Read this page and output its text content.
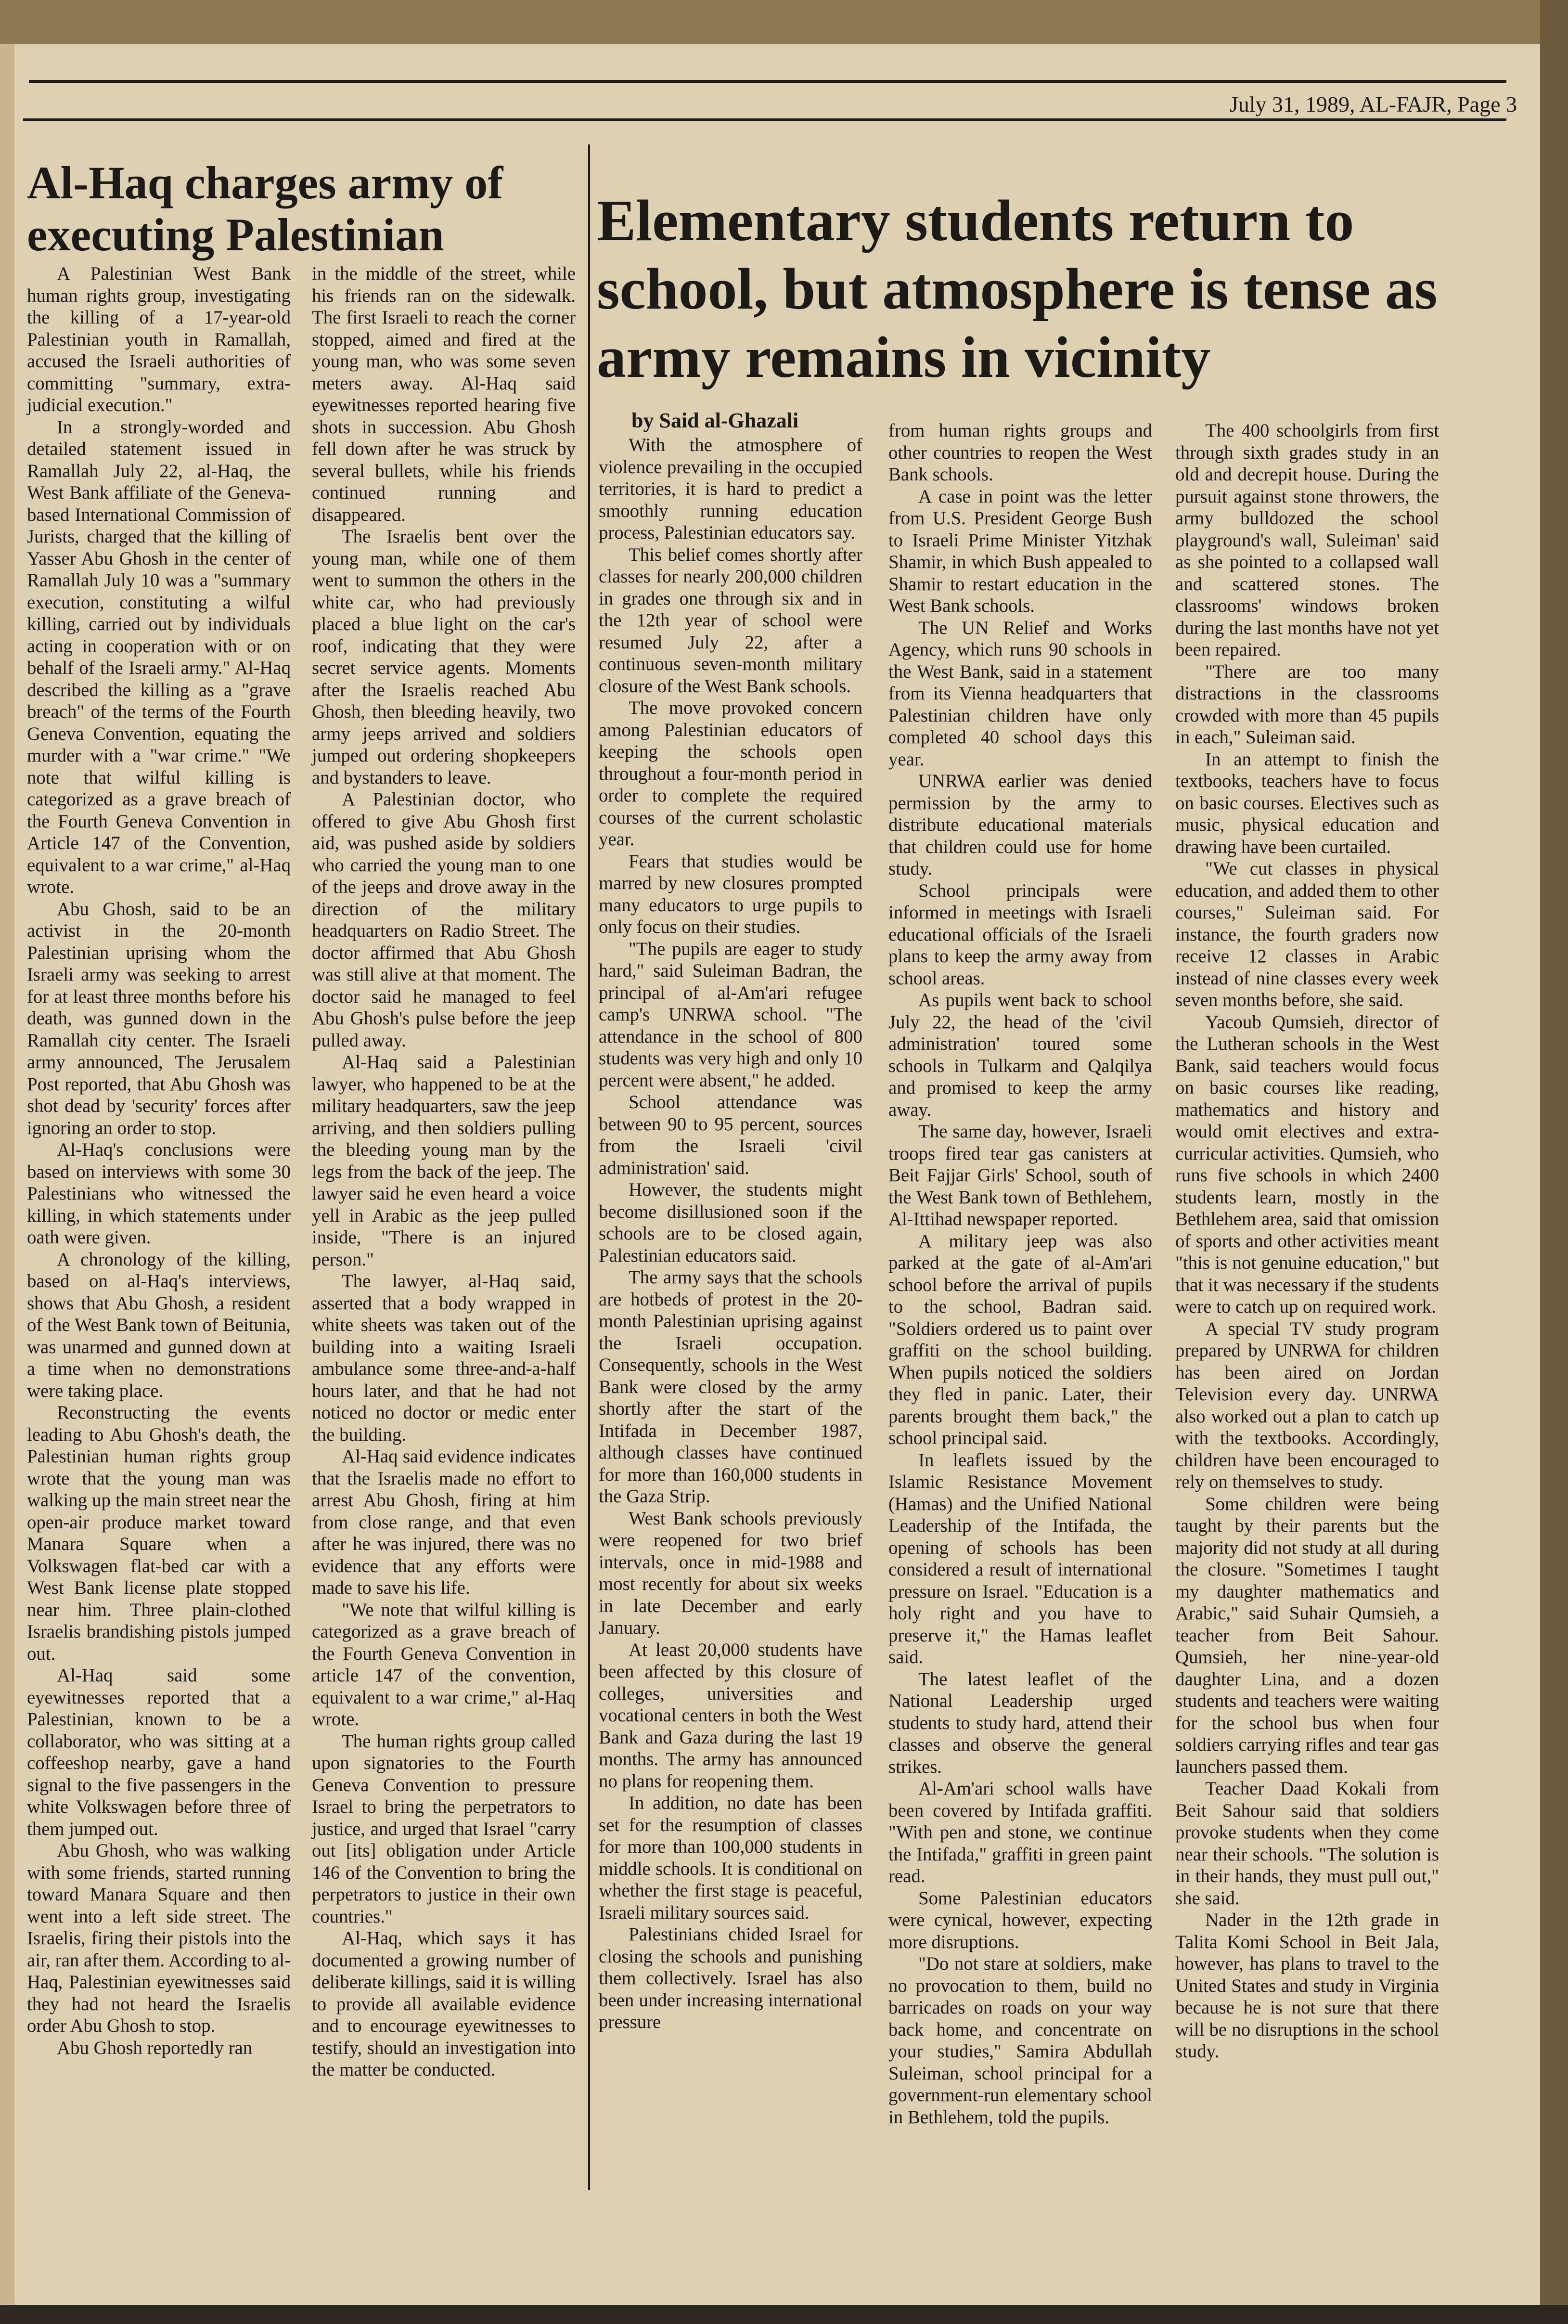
July 31, 1989, AL-FAJR, Page 3
Al-Haq charges army of executing Palestinian	Elementary students return to school, but atmosphere is tense as army remains in vicinity
by Said al-Ghazali

A Palestinian West Bank human rights group, investigating the killing of a 17-year-old Palestinian youth in Ramallah, accused the Israeli authorities of committing "summary, extra-judicial execution."

In a strongly-worded and detailed statement issued in Ramallah July 22, al-Haq, the West Bank affiliate of the Geneva-based International Commission of Jurists, charged that the killing of Yasser Abu Ghosh in the center of Ramallah July 10 was a "summary execution, constituting a wilful killing, carried out by individuals acting in cooperation with or on behalf of the Israeli army." Al-Haq described the killing as a "grave breach" of the terms of the Fourth Geneva Convention, equating the murder with a "war crime." "We note that wilful killing is categorized as a grave breach of the Fourth Geneva Convention in Article 147 of the Convention, equivalent to a war crime," al-Haq wrote.

Abu Ghosh, said to be an activist in the 20-month Palestinian uprising whom the Israeli army was seeking to arrest for at least three months before his death, was gunned down in the Ramallah city center. The Israeli army announced, The Jerusalem Post reported, that Abu Ghosh was shot dead by 'security' forces after ignoring an order to stop.

Al-Haq's conclusions were based on interviews with some 30 Palestinians who witnessed the killing, in which statements under oath were given.

A chronology of the killing, based on al-Haq's interviews, shows that Abu Ghosh, a resident of the West Bank town of Beitunia, was unarmed and gunned down at a time when no demonstrations were taking place.

Reconstructing the events leading to Abu Ghosh's death, the Palestinian human rights group wrote that the young man was walking up the main street near the open-air produce market toward Manara Square when a Volkswagen flat-bed car with a West Bank license plate stopped near him. Three plain-clothed Israelis brandishing pistols jumped out.

Al-Haq said some eyewitnesses reported that a Palestinian, known to be a collaborator, who was sitting at a coffeeshop nearby, gave a hand signal to the five passengers in the white Volkswagen before three of them jumped out.

Abu Ghosh, who was walking with some friends, started running toward Manara Square and then went into a left side street. The Israelis, firing their pistols into the air, ran after them. According to al-Haq, Palestinian eyewitnesses said they had not heard the Israelis order Abu Ghosh to stop.

Abu Ghosh reportedly ran

in the middle of the street, while his friends ran on the sidewalk. The first Israeli to reach the corner stopped, aimed and fired at the young man, who was some seven meters away. Al-Haq said eyewitnesses reported hearing five shots in succession. Abu Ghosh fell down after he was struck by several bullets, while his friends continued running and disappeared.

The Israelis bent over the young man, while one of them went to summon the others in the white car, who had previously placed a blue light on the car's roof, indicating that they were secret service agents. Moments after the Israelis reached Abu Ghosh, then bleeding heavily, two army jeeps arrived and soldiers jumped out ordering shopkeepers and bystanders to leave.

A Palestinian doctor, who offered to give Abu Ghosh first aid, was pushed aside by soldiers who carried the young man to one of the jeeps and drove away in the direction of the military headquarters on Radio Street. The doctor affirmed that Abu Ghosh was still alive at that moment. The doctor said he managed to feel Abu Ghosh's pulse before the jeep pulled away.

Al-Haq said a Palestinian lawyer, who happened to be at the military headquarters, saw the jeep arriving, and then soldiers pulling the bleeding young man by the legs from the back of the jeep. The lawyer said he even heard a voice yell in Arabic as the jeep pulled inside, "There is an injured person."

The lawyer, al-Haq said, asserted that a body wrapped in white sheets was taken out of the building into a waiting Israeli ambulance some three-and-a-half hours later, and that he had not noticed no doctor or medic enter the building.

Al-Haq said evidence indicates that the Israelis made no effort to arrest Abu Ghosh, firing at him from close range, and that even after he was injured, there was no evidence that any efforts were made to save his life.

"We note that wilful killing is categorized as a grave breach of the Fourth Geneva Convention in article 147 of the convention, equivalent to a war crime," al-Haq wrote.

The human rights group called upon signatories to the Fourth Geneva Convention to pressure Israel to bring the perpetrators to justice, and urged that Israel "carry out [its] obligation under Article 146 of the Convention to bring the perpetrators to justice in their own countries."

Al-Haq, which says it has documented a growing number of deliberate killings, said it is willing to provide all available evidence and to encourage eyewitnesses to testify, should an investigation into the matter be conducted.

With the atmosphere of violence prevailing in the occupied territories, it is hard to predict a smoothly running education process, Palestinian educators say.

This belief comes shortly after classes for nearly 200,000 children in grades one through six and in the 12th year of school were resumed July 22, after a continuous seven-month military closure of the West Bank schools.

The move provoked concern among Palestinian educators of keeping the schools open throughout a four-month period in order to complete the required courses of the current scholastic year.

Fears that studies would be marred by new closures prompted many educators to urge pupils to only focus on their studies.

"The pupils are eager to study hard," said Suleiman Badran, the principal of al-Am'ari refugee camp's UNRWA school. "The attendance in the school of 800 students was very high and only 10 percent were absent," he added.

School attendance was between 90 to 95 percent, sources from the Israeli 'civil administration' said.

However, the students might become disillusioned soon if the schools are to be closed again, Palestinian educators said.

The army says that the schools are hotbeds of protest in the 20-month Palestinian uprising against the Israeli occupation. Consequently, schools in the West Bank were closed by the army shortly after the start of the Intifada in December 1987, although classes have continued for more than 160,000 students in the Gaza Strip.

West Bank schools previously were reopened for two brief intervals, once in mid-1988 and most recently for about six weeks in late December and early January.

At least 20,000 students have been affected by this closure of colleges, universities and vocational centers in both the West Bank and Gaza during the last 19 months. The army has announced no plans for reopening them.

In addition, no date has been set for the resumption of classes for more than 100,000 students in middle schools. It is conditional on whether the first stage is peaceful, Israeli military sources said.

Palestinians chided Israel for closing the schools and punishing them collectively. Israel has also been under increasing international pressure

from human rights groups and other countries to reopen the West Bank schools.

A case in point was the letter from U.S. President George Bush to Israeli Prime Minister Yitzhak Shamir, in which Bush appealed to Shamir to restart education in the West Bank schools.

The UN Relief and Works Agency, which runs 90 schools in the West Bank, said in a statement from its Vienna headquarters that Palestinian children have only completed 40 school days this year.

UNRWA earlier was denied permission by the army to distribute educational materials that children could use for home study.

School principals were informed in meetings with Israeli educational officials of the Israeli plans to keep the army away from school areas.

As pupils went back to school July 22, the head of the 'civil administration' toured some schools in Tulkarm and Qalqilya and promised to keep the army away.

The same day, however, Israeli troops fired tear gas canisters at Beit Fajjar Girls' School, south of the West Bank town of Bethlehem, Al-Ittihad newspaper reported.

A military jeep was also parked at the gate of al-Am'ari school before the arrival of pupils to the school, Badran said. "Soldiers ordered us to paint over graffiti on the school building. When pupils noticed the soldiers they fled in panic. Later, their parents brought them back," the school principal said.

In leaflets issued by the Islamic Resistance Movement (Hamas) and the Unified National Leadership of the Intifada, the opening of schools has been considered a result of international pressure on Israel. "Education is a holy right and you have to preserve it," the Hamas leaflet said.

The latest leaflet of the National Leadership urged students to study hard, attend their classes and observe the general strikes.

Al-Am'ari school walls have been covered by Intifada graffiti. "With pen and stone, we continue the Intifada," graffiti in green paint read.

Some Palestinian educators were cynical, however, expecting more disruptions.

"Do not stare at soldiers, make no provocation to them, build no barricades on roads on your way back home, and concentrate on your studies," Samira Abdullah Suleiman, school principal for a government-run elementary school in Bethlehem, told the pupils.

The 400 schoolgirls from first through sixth grades study in an old and decrepit house. During the pursuit against stone throwers, the army bulldozed the school playground's wall, Suleiman' said as she pointed to a collapsed wall and scattered stones. The classrooms' windows broken during the last months have not yet been repaired.

"There are too many distractions in the classrooms crowded with more than 45 pupils in each," Suleiman said.

In an attempt to finish the textbooks, teachers have to focus on basic courses. Electives such as music, physical education and drawing have been curtailed.

"We cut classes in physical education, and added them to other courses," Suleiman said. For instance, the fourth graders now receive 12 classes in Arabic instead of nine classes every week seven months before, she said.

Yacoub Qumsieh, director of the Lutheran schools in the West Bank, said teachers would focus on basic courses like reading, mathematics and history and would omit electives and extra-curricular activities. Qumsieh, who runs five schools in which 2400 students learn, mostly in the Bethlehem area, said that omission of sports and other activities meant "this is not genuine education," but that it was necessary if the students were to catch up on required work.

A special TV study program prepared by UNRWA for children has been aired on Jordan Television every day. UNRWA also worked out a plan to catch up with the textbooks. Accordingly, children have been encouraged to rely on themselves to study.

Some children were being taught by their parents but the majority did not study at all during the closure. "Sometimes I taught my daughter mathematics and Arabic," said Suhair Qumsieh, a teacher from Beit Sahour. Qumsieh, her nine-year-old daughter Lina, and a dozen students and teachers were waiting for the school bus when four soldiers carrying rifles and tear gas launchers passed them.

Teacher Daad Kokali from Beit Sahour said that soldiers provoke students when they come near their schools. "The solution is in their hands, they must pull out," she said.

Nader in the 12th grade in Talita Komi School in Beit Jala, however, has plans to travel to the United States and study in Virginia because he is not sure that there will be no disruptions in the school study.
